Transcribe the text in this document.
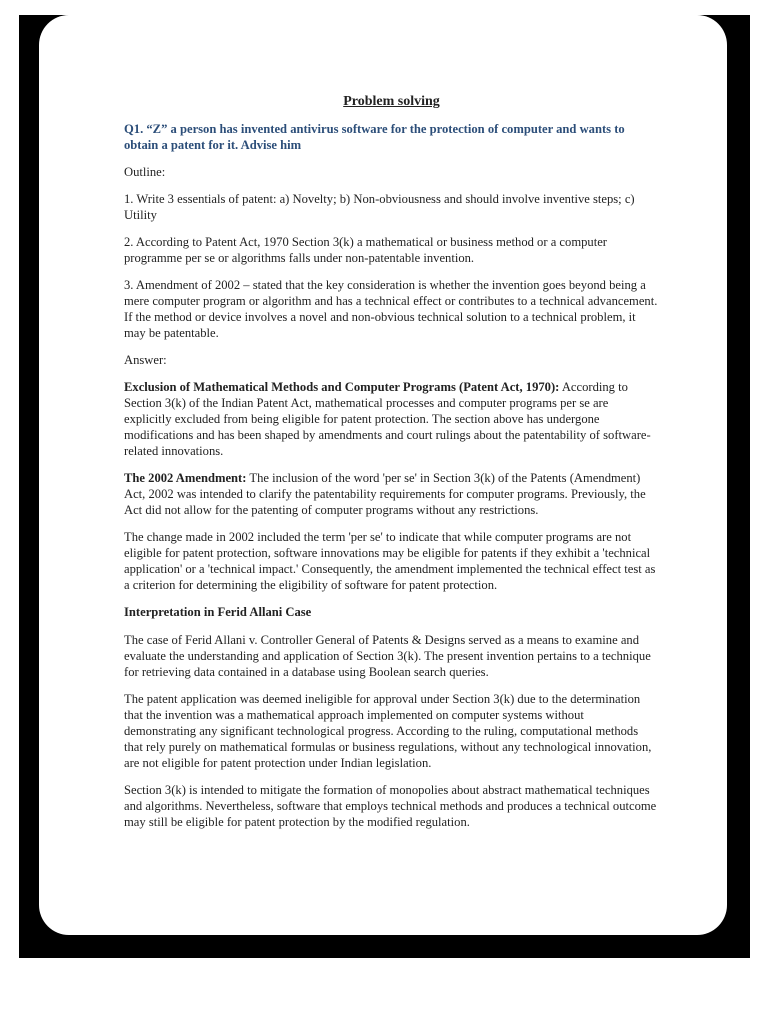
Problem solving

Q1. “Z” a person has invented antivirus software for the protection of computer and wants to obtain a patent for it. Advise him

Outline:

1. Write 3 essentials of patent: a) Novelty; b) Non-obviousness and should involve inventive steps; c) Utility

2. According to Patent Act, 1970 Section 3(k) a mathematical or business method or a computer programme per se or algorithms falls under non-patentable invention.

3. Amendment of 2002 – stated that the key consideration is whether the invention goes beyond being a mere computer program or algorithm and has a technical effect or contributes to a technical advancement. If the method or device involves a novel and non-obvious technical solution to a technical problem, it may be patentable.

Answer:

Exclusion of Mathematical Methods and Computer Programs (Patent Act, 1970): According to Section 3(k) of the Indian Patent Act, mathematical processes and computer programs per se are explicitly excluded from being eligible for patent protection. The section above has undergone modifications and has been shaped by amendments and court rulings about the patentability of software-related innovations.

The 2002 Amendment: The inclusion of the word 'per se' in Section 3(k) of the Patents (Amendment) Act, 2002 was intended to clarify the patentability requirements for computer programs. Previously, the Act did not allow for the patenting of computer programs without any restrictions.

The change made in 2002 included the term 'per se' to indicate that while computer programs are not eligible for patent protection, software innovations may be eligible for patents if they exhibit a 'technical application' or a 'technical impact.' Consequently, the amendment implemented the technical effect test as a criterion for determining the eligibility of software for patent protection.

Interpretation in Ferid Allani Case

The case of Ferid Allani v. Controller General of Patents & Designs served as a means to examine and evaluate the understanding and application of Section 3(k). The present invention pertains to a technique for retrieving data contained in a database using Boolean search queries.

The patent application was deemed ineligible for approval under Section 3(k) due to the determination that the invention was a mathematical approach implemented on computer systems without demonstrating any significant technological progress. According to the ruling, computational methods that rely purely on mathematical formulas or business regulations, without any technological innovation, are not eligible for patent protection under Indian legislation.

Section 3(k) is intended to mitigate the formation of monopolies about abstract mathematical techniques and algorithms. Nevertheless, software that employs technical methods and produces a technical outcome may still be eligible for patent protection by the modified regulation.
